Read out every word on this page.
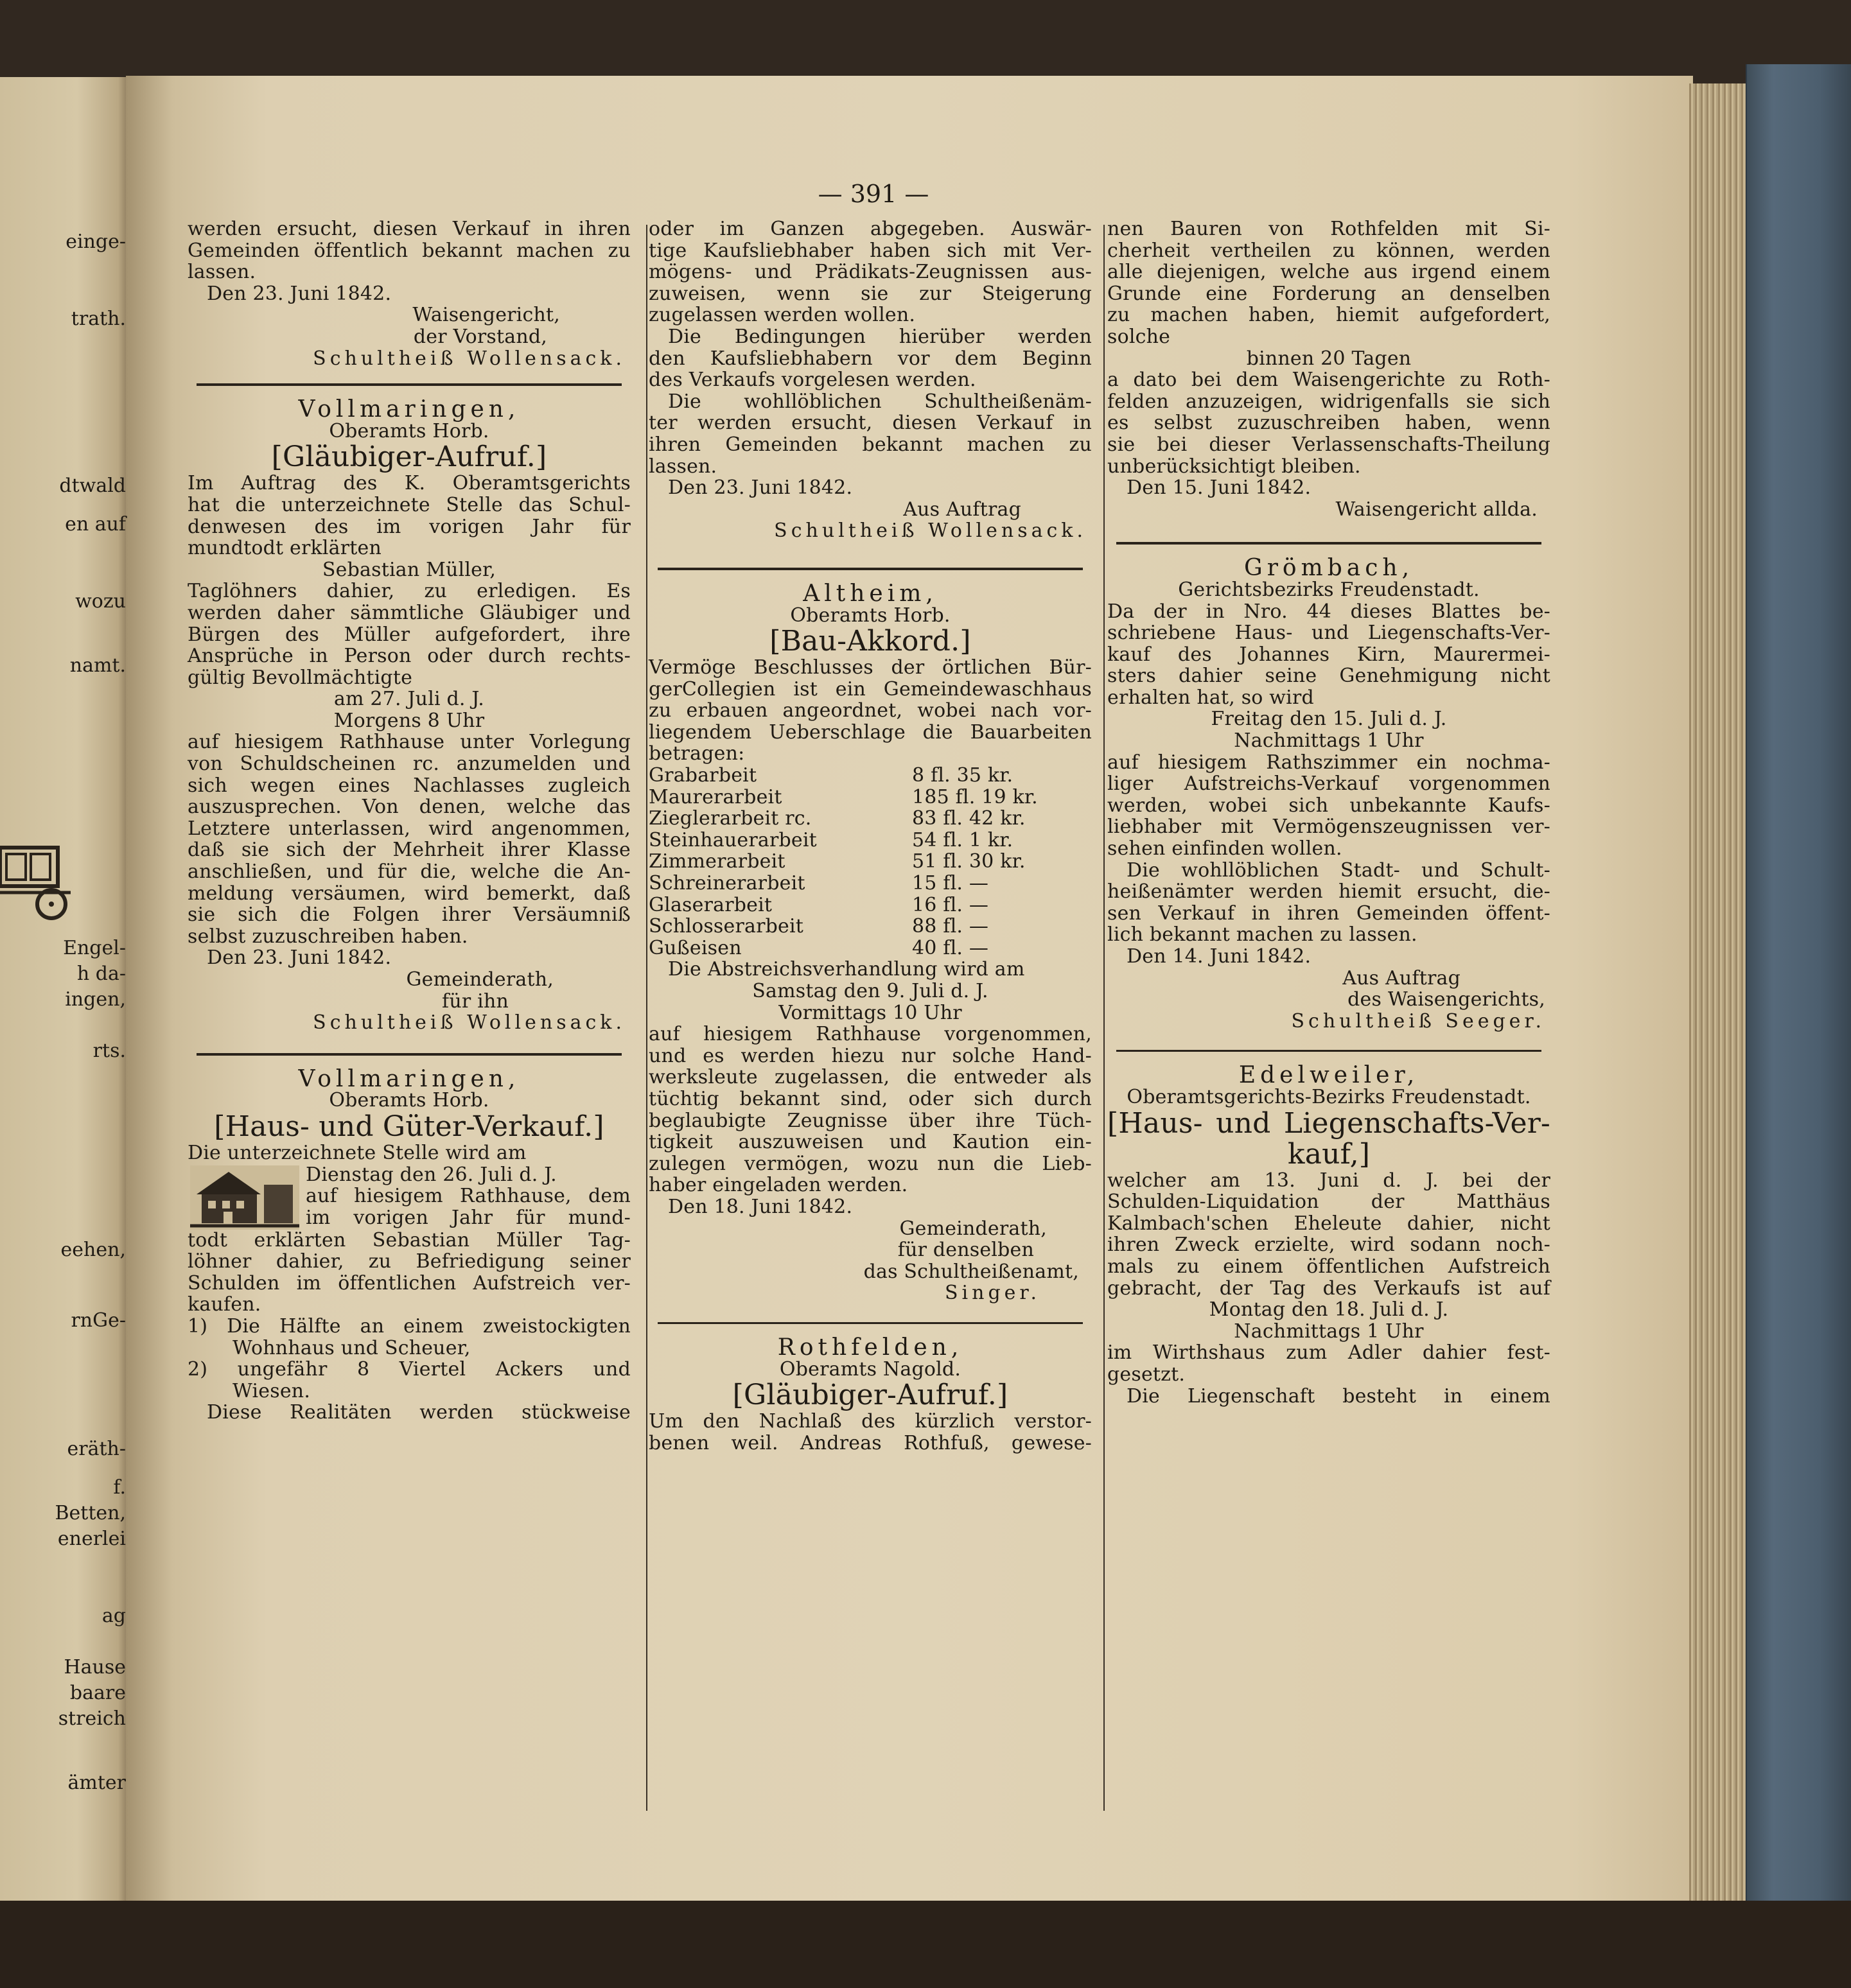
einge-
trath.
dtwald
en auf
wozu
namt.
Engel-
h da-
ingen,
rts.
eehen,
rnGe-
eräth-
f.
Betten,
enerlei
ag
Hause
baare
streich
ämter
— 391 —

werden ersucht, diesen Verkauf in ihren

Gemeinden öffentlich bekannt machen zu

lassen.

Den 23. Juni 1842.

Waisengericht,

der Vorstand,

Schultheiß Wollensack.

Vollmaringen,

Oberamts Horb.

[Gläubiger-Aufruf.]

Im Auftrag des K. Oberamtsgerichts

hat die unterzeichnete Stelle das Schul-

denwesen des im vorigen Jahr für

mundtodt erklärten

Sebastian Müller,

Taglöhners dahier, zu erledigen. Es

werden daher sämmtliche Gläubiger und

Bürgen des Müller aufgefordert, ihre

Ansprüche in Person oder durch rechts-

gültig Bevollmächtigte

am 27. Juli d. J.

Morgens 8 Uhr

auf hiesigem Rathhause unter Vorlegung

von Schuldscheinen rc. anzumelden und

sich wegen eines Nachlasses zugleich

auszusprechen. Von denen, welche das

Letztere unterlassen, wird angenommen,

daß sie sich der Mehrheit ihrer Klasse

anschließen, und für die, welche die An-

meldung versäumen, wird bemerkt, daß

sie sich die Folgen ihrer Versäumniß

selbst zuzuschreiben haben.

Den 23. Juni 1842.

Gemeinderath,

für ihn

Schultheiß Wollensack.

Vollmaringen,

Oberamts Horb.

[Haus- und Güter-Verkauf.]

Die unterzeichnete Stelle wird am

Dienstag den 26. Juli d. J.

auf hiesigem Rathhause, dem

im vorigen Jahr für mund-

todt erklärten Sebastian Müller Tag-

löhner dahier, zu Befriedigung seiner

Schulden im öffentlichen Aufstreich ver-

kaufen.

1) Die Hälfte an einem zweistockigten

Wohnhaus und Scheuer,

2) ungefähr 8 Viertel Ackers und

Wiesen.

Diese Realitäten werden stückweise

oder im Ganzen abgegeben. Auswär-

tige Kaufsliebhaber haben sich mit Ver-

mögens- und Prädikats-Zeugnissen aus-

zuweisen, wenn sie zur Steigerung

zugelassen werden wollen.

Die Bedingungen hierüber werden

den Kaufsliebhabern vor dem Beginn

des Verkaufs vorgelesen werden.

Die wohllöblichen Schultheißenäm-

ter werden ersucht, diesen Verkauf in

ihren Gemeinden bekannt machen zu

lassen.

Den 23. Juni 1842.

Aus Auftrag

Schultheiß Wollensack.

Altheim,

Oberamts Horb.

[Bau-Akkord.]

Vermöge Beschlusses der örtlichen Bür-

gerCollegien ist ein Gemeindewaschhaus

zu erbauen angeordnet, wobei nach vor-

liegendem Ueberschlage die Bauarbeiten

betragen:

Grabarbeit	8 fl. 35 kr.
Maurerarbeit	185 fl. 19 kr.
Zieglerarbeit rc.	83 fl. 42 kr.
Steinhauerarbeit	54 fl. 1 kr.
Zimmerarbeit	51 fl. 30 kr.
Schreinerarbeit	15 fl. —
Glaserarbeit	16 fl. —
Schlosserarbeit	88 fl. —
Gußeisen	40 fl. —

Die Abstreichsverhandlung wird am

Samstag den 9. Juli d. J.

Vormittags 10 Uhr

auf hiesigem Rathhause vorgenommen,

und es werden hiezu nur solche Hand-

werksleute zugelassen, die entweder als

tüchtig bekannt sind, oder sich durch

beglaubigte Zeugnisse über ihre Tüch-

tigkeit auszuweisen und Kaution ein-

zulegen vermögen, wozu nun die Lieb-

haber eingeladen werden.

Den 18. Juni 1842.

Gemeinderath,

für denselben

das Schultheißenamt,

Singer.

Rothfelden,

Oberamts Nagold.

[Gläubiger-Aufruf.]

Um den Nachlaß des kürzlich verstor-

benen weil. Andreas Rothfuß, gewese-

nen Bauren von Rothfelden mit Si-

cherheit vertheilen zu können, werden

alle diejenigen, welche aus irgend einem

Grunde eine Forderung an denselben

zu machen haben, hiemit aufgefordert,

solche

binnen 20 Tagen

a dato bei dem Waisengerichte zu Roth-

felden anzuzeigen, widrigenfalls sie sich

es selbst zuzuschreiben haben, wenn

sie bei dieser Verlassenschafts-Theilung

unberücksichtigt bleiben.

Den 15. Juni 1842.

Waisengericht allda.

Grömbach,

Gerichtsbezirks Freudenstadt.

Da der in Nro. 44 dieses Blattes be-

schriebene Haus- und Liegenschafts-Ver-

kauf des Johannes Kirn, Maurermei-

sters dahier seine Genehmigung nicht

erhalten hat, so wird

Freitag den 15. Juli d. J.

Nachmittags 1 Uhr

auf hiesigem Rathszimmer ein nochma-

liger Aufstreichs-Verkauf vorgenommen

werden, wobei sich unbekannte Kaufs-

liebhaber mit Vermögenszeugnissen ver-

sehen einfinden wollen.

Die wohllöblichen Stadt- und Schult-

heißenämter werden hiemit ersucht, die-

sen Verkauf in ihren Gemeinden öffent-

lich bekannt machen zu lassen.

Den 14. Juni 1842.

Aus Auftrag

des Waisengerichts,

Schultheiß Seeger.

Edelweiler,

Oberamtsgerichts-Bezirks Freudenstadt.

[Haus- und Liegenschafts-Ver-

kauf,]

welcher am 13. Juni d. J. bei der

Schulden-Liquidation der Matthäus

Kalmbach'schen Eheleute dahier, nicht

ihren Zweck erzielte, wird sodann noch-

mals zu einem öffentlichen Aufstreich

gebracht, der Tag des Verkaufs ist auf

Montag den 18. Juli d. J.

Nachmittags 1 Uhr

im Wirthshaus zum Adler dahier fest-

gesetzt.

Die Liegenschaft besteht in einem
